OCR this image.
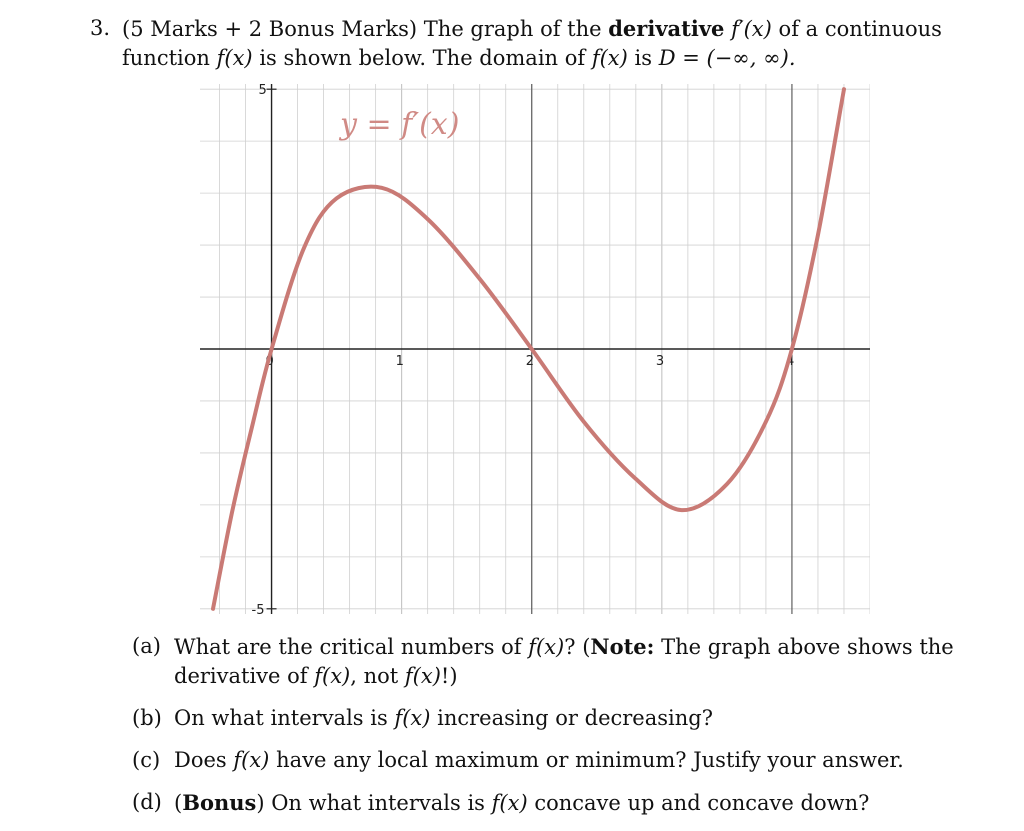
3. (5 Marks + 2 Bonus Marks) The graph of the derivative f′(x) of a continuous
function f(x) is shown below. The domain of f(x) is D = (−∞, ∞).
0	1	2	3	4
5
-5
y = f′(x)
(a) What are the critical numbers of f(x)? (Note: The graph above shows the
derivative of f(x), not f(x)!)
(b) On what intervals is f(x) increasing or decreasing?
(c) Does f(x) have any local maximum or minimum? Justify your answer.
(d) (Bonus) On what intervals is f(x) concave up and concave down?
